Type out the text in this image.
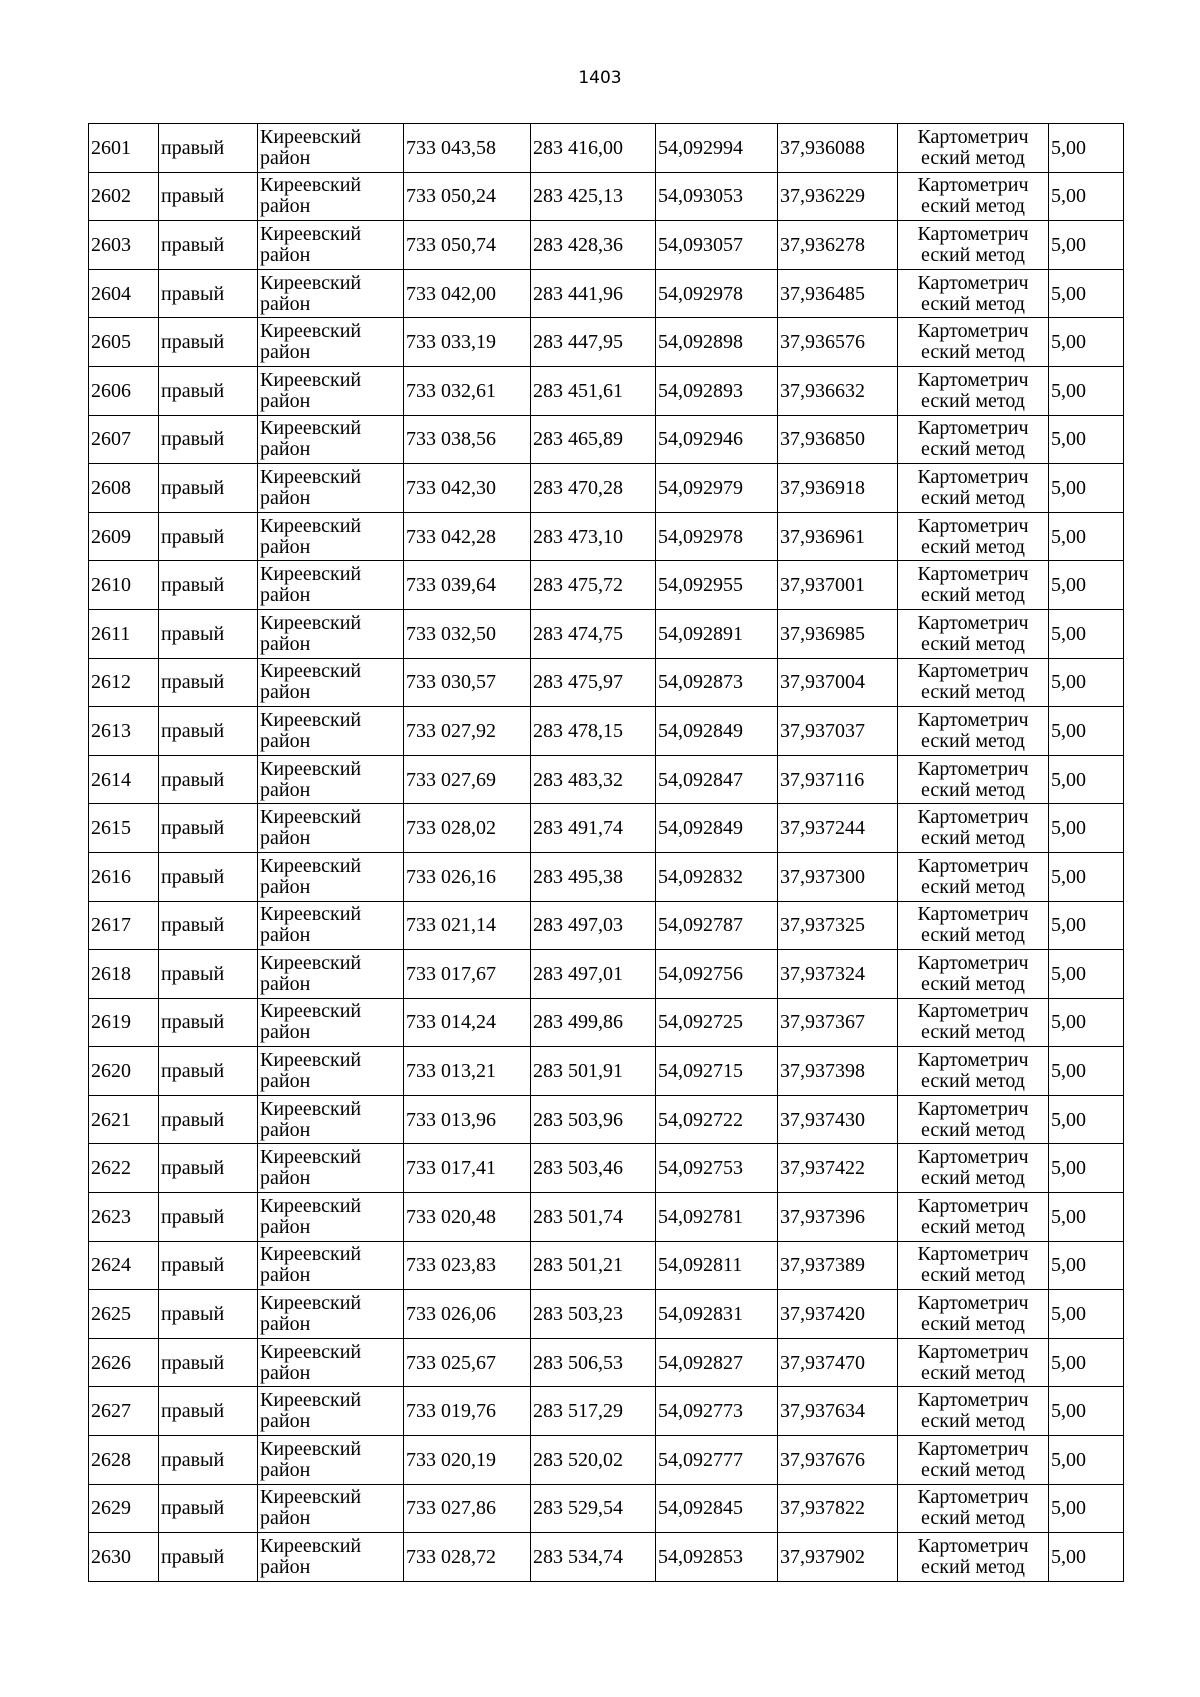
1403
2601	правый	Киреевский район	733 043,58	283 416,00	54,092994	37,936088	Картометрич еский метод	5,00
2602	правый	Киреевский район	733 050,24	283 425,13	54,093053	37,936229	Картометрич еский метод	5,00
2603	правый	Киреевский район	733 050,74	283 428,36	54,093057	37,936278	Картометрич еский метод	5,00
2604	правый	Киреевский район	733 042,00	283 441,96	54,092978	37,936485	Картометрич еский метод	5,00
2605	правый	Киреевский район	733 033,19	283 447,95	54,092898	37,936576	Картометрич еский метод	5,00
2606	правый	Киреевский район	733 032,61	283 451,61	54,092893	37,936632	Картометрич еский метод	5,00
2607	правый	Киреевский район	733 038,56	283 465,89	54,092946	37,936850	Картометрич еский метод	5,00
2608	правый	Киреевский район	733 042,30	283 470,28	54,092979	37,936918	Картометрич еский метод	5,00
2609	правый	Киреевский район	733 042,28	283 473,10	54,092978	37,936961	Картометрич еский метод	5,00
2610	правый	Киреевский район	733 039,64	283 475,72	54,092955	37,937001	Картометрич еский метод	5,00
2611	правый	Киреевский район	733 032,50	283 474,75	54,092891	37,936985	Картометрич еский метод	5,00
2612	правый	Киреевский район	733 030,57	283 475,97	54,092873	37,937004	Картометрич еский метод	5,00
2613	правый	Киреевский район	733 027,92	283 478,15	54,092849	37,937037	Картометрич еский метод	5,00
2614	правый	Киреевский район	733 027,69	283 483,32	54,092847	37,937116	Картометрич еский метод	5,00
2615	правый	Киреевский район	733 028,02	283 491,74	54,092849	37,937244	Картометрич еский метод	5,00
2616	правый	Киреевский район	733 026,16	283 495,38	54,092832	37,937300	Картометрич еский метод	5,00
2617	правый	Киреевский район	733 021,14	283 497,03	54,092787	37,937325	Картометрич еский метод	5,00
2618	правый	Киреевский район	733 017,67	283 497,01	54,092756	37,937324	Картометрич еский метод	5,00
2619	правый	Киреевский район	733 014,24	283 499,86	54,092725	37,937367	Картометрич еский метод	5,00
2620	правый	Киреевский район	733 013,21	283 501,91	54,092715	37,937398	Картометрич еский метод	5,00
2621	правый	Киреевский район	733 013,96	283 503,96	54,092722	37,937430	Картометрич еский метод	5,00
2622	правый	Киреевский район	733 017,41	283 503,46	54,092753	37,937422	Картометрич еский метод	5,00
2623	правый	Киреевский район	733 020,48	283 501,74	54,092781	37,937396	Картометрич еский метод	5,00
2624	правый	Киреевский район	733 023,83	283 501,21	54,092811	37,937389	Картометрич еский метод	5,00
2625	правый	Киреевский район	733 026,06	283 503,23	54,092831	37,937420	Картометрич еский метод	5,00
2626	правый	Киреевский район	733 025,67	283 506,53	54,092827	37,937470	Картометрич еский метод	5,00
2627	правый	Киреевский район	733 019,76	283 517,29	54,092773	37,937634	Картометрич еский метод	5,00
2628	правый	Киреевский район	733 020,19	283 520,02	54,092777	37,937676	Картометрич еский метод	5,00
2629	правый	Киреевский район	733 027,86	283 529,54	54,092845	37,937822	Картометрич еский метод	5,00
2630	правый	Киреевский район	733 028,72	283 534,74	54,092853	37,937902	Картометрич еский метод	5,00
